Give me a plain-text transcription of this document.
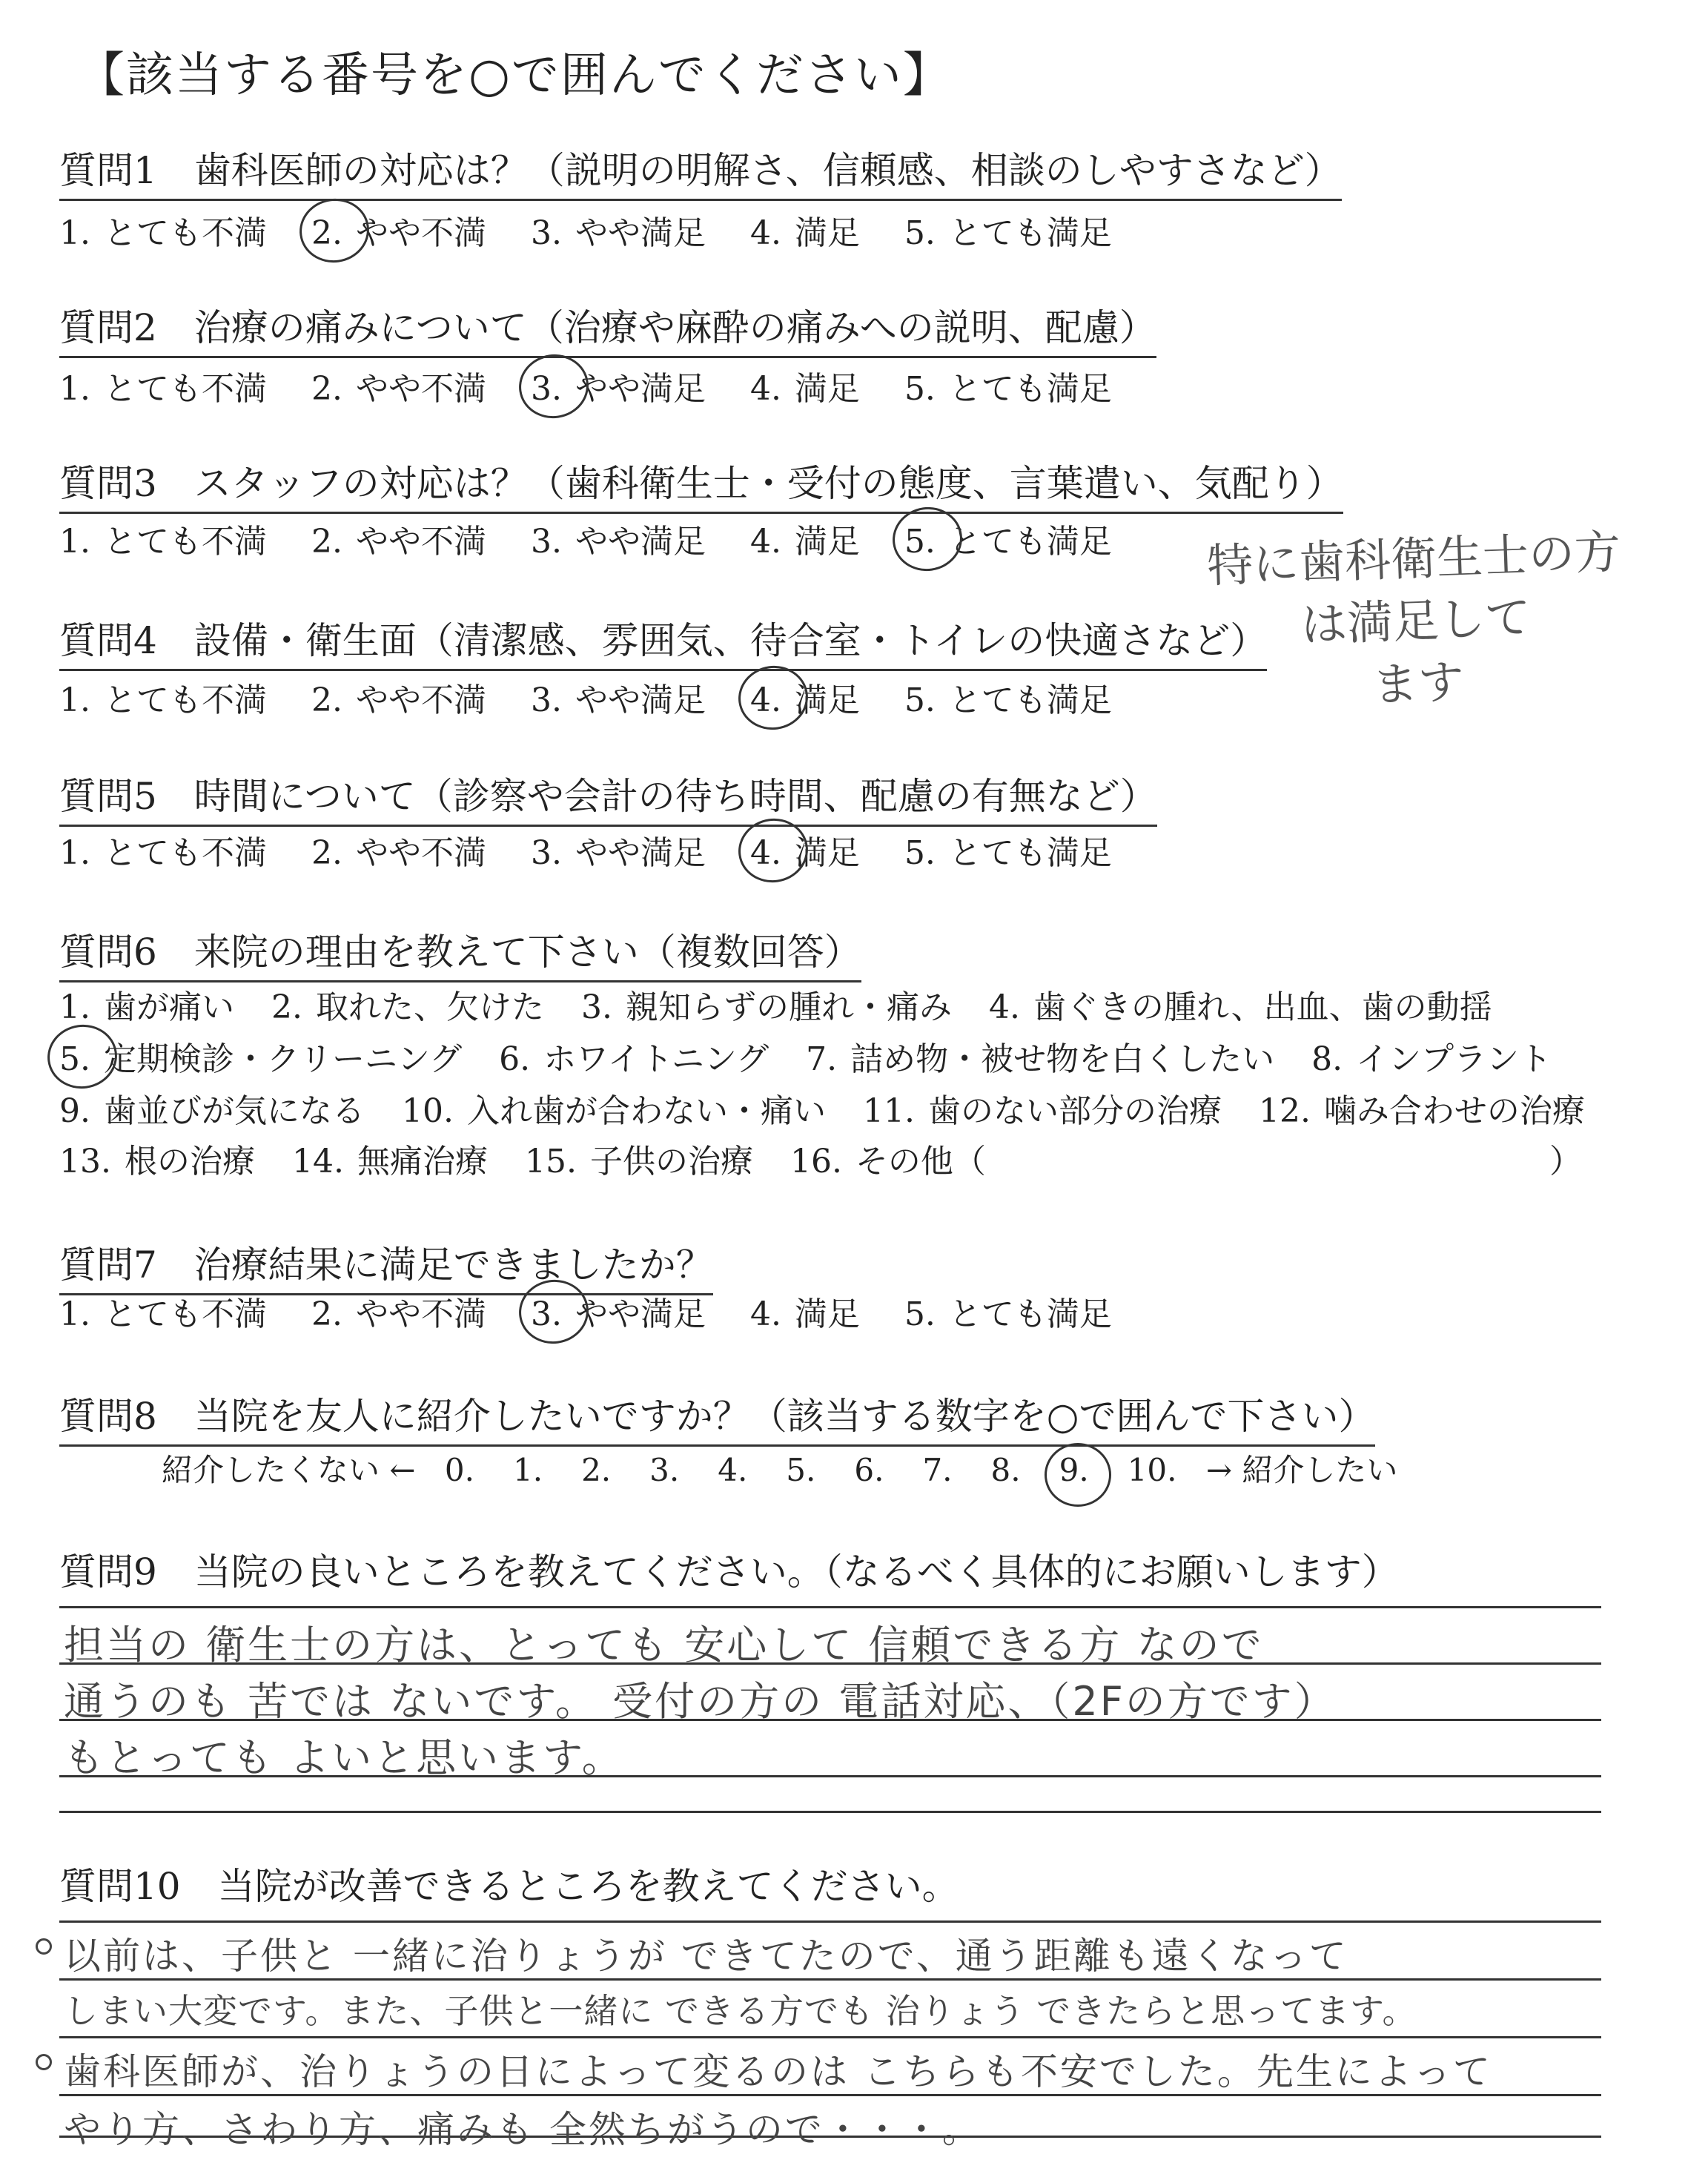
【該当する番号を○で囲んでください】
質問1　歯科医師の対応は？（説明の明解さ、信頼感、相談のしやすさなど）
1. とても不満 2. やや不満 3. やや満足 4. 満足 5. とても満足
質問2　治療の痛みについて（治療や麻酔の痛みへの説明、配慮）
1. とても不満 2. やや不満 3. やや満足 4. 満足 5. とても満足
質問3　スタッフの対応は？（歯科衛生士・受付の態度、言葉遣い、気配り）
1. とても不満 2. やや不満 3. やや満足 4. 満足 5. とても満足	特に歯科衛生士の方
は満足して
ます
質問4　設備・衛生面（清潔感、雰囲気、待合室・トイレの快適さなど）
1. とても不満 2. やや不満 3. やや満足 4. 満足 5. とても満足
質問5　時間について（診察や会計の待ち時間、配慮の有無など）
1. とても不満 2. やや不満 3. やや満足 4. 満足 5. とても満足
質問6　来院の理由を教えて下さい（複数回答）
1. 歯が痛い 2. 取れた、欠けた 3. 親知らずの腫れ・痛み 4. 歯ぐきの腫れ、出血、歯の動揺
5. 定期検診・クリーニング 6. ホワイトニング 7. 詰め物・被せ物を白くしたい 8. インプラント
9. 歯並びが気になる 10. 入れ歯が合わない・痛い 11. 歯のない部分の治療 12. 噛み合わせの治療
13. 根の治療 14. 無痛治療 15. 子供の治療 16. その他（	）
質問7　治療結果に満足できましたか？
1. とても不満 2. やや不満 3. やや満足 4. 満足 5. とても満足
質問8　当院を友人に紹介したいですか？（該当する数字を○で囲んで下さい）
紹介したくない ← 0. 1. 2. 3. 4. 5. 6. 7. 8. 9. 10. → 紹介したい
質問9　当院の良いところを教えてください。（なるべく具体的にお願いします）
担当の 衛生士の方は、とっても 安心して 信頼できる方 なので
通うのも 苦では ないです。 受付の方の 電話対応、（2Fの方です）
もとっても よいと思います。
質問10　当院が改善できるところを教えてください。
以前は、子供と 一緒に治りょうが できてたので、通う距離も遠くなって
しまい大変です。また、子供と一緒に できる方でも 治りょう できたらと思ってます。
歯科医師が、治りょうの日によって変るのは こちらも不安でした。先生によって
やり方、さわり方、痛みも 全然ちがうので・・・。
